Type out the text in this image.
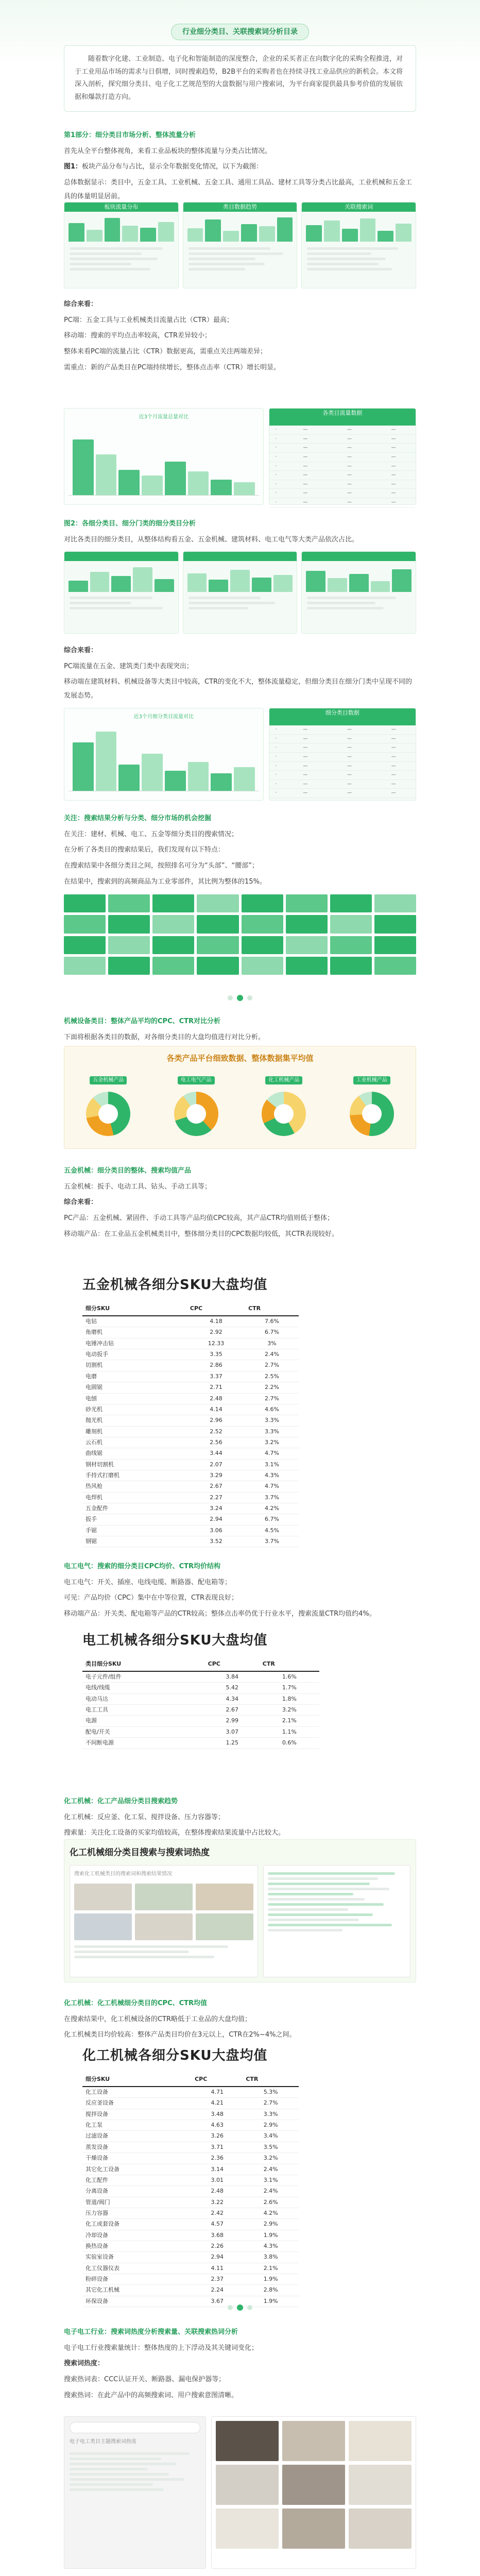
行业细分类目、关联搜索词分析目录
随着数字化建、工业制造、电子化和智能制造的深度整合，企业的采买者正在向数字化的采购全程推进，对于工业用品市场的需求与日俱增，同时搜索趋势，B2B平台的采购者也在持续寻找工业品供应的新机会。本文将深入剖析，探究细分类目、电子化工艺规范型的大盘数据与用户搜索词，为平台商家提供最具参考价值的发展依据和爆款打造方向。

第1部分：细分类目市场分析、整体流量分析

首先从全平台整体视角，来看工业品板块的整体流量与分类占比情况。

图1：板块产品分布与占比，显示全年数据变化情况，以下为截图：

总体数据显示：类目中，五金工具、工业机械、五金工具、通用工具品、建材工具等分类占比最高，工业机械和五金工具的体量明显居前。

板块流量分布	类目数据趋势	关联搜索词

综合来看：

PC端：五金工具与工业机械类目流量占比（CTR）最高；

移动端：搜索的平均点击率较高，CTR差异较小；

整体来看PC端的流量占比（CTR）数据更高，需重点关注两端差异；

需重点：新的产品类目在PC端持续增长，整体点击率（CTR）增长明显。

近3个月流量总量对比
各类目流量数据

·	—	—	—
·	—	—	—
·	—	—	—
·	—	—	—
·	—	—	—
·	—	—	—
·	—	—	—
·	—	—	—
·	—	—	—

图2：各细分类目、细分门类的细分类目分析

对比各类目的细分类目，从整体结构看五金、五金机械、建筑材料、电工电气等大类产品依次占比。

综合来看：

PC端流量在五金、建筑类门类中表现突出；

移动端在建筑材料、机械设备等大类目中较高，CTR的变化不大，整体流量稳定，但细分类目在细分门类中呈现不同的发展态势。

近3个月细分类目流量对比
细分类目数据

·	—	—	—
·	—	—	—
·	—	—	—
·	—	—	—
·	—	—	—
·	—	—	—
·	—	—	—
·	—	—	—

关注：搜索结果分析与分类、细分市场的机会挖掘

在关注：建材、机械、电工、五金等细分类目的搜索情况；

在分析了各类目的搜索结果后，我们发现有以下特点：

在搜索结果中各细分类目之间，按照排名可分为“头部”、“腰部”；

在结果中，搜索到的高频商品为工业零部件，其比例为整体的15%。

机械设备类目：整体产品平均的CPC、CTR对比分析

下面将根据各类目的数据，对各细分类目的大盘均值进行对比分析。

各类产品平台细致数据、整体数据集平均值
五金机械产品	电工电气产品	化工机械产品	工业机械产品

五金机械：细分类目的整体、搜索均值产品

五金机械：扳手、电动工具、钻头、手动工具等；

综合来看：

PC产品：五金机械、紧固件、手动工具等产品均值CPC较高，其产品CTR均值则低于整体；

移动端产品：在工业品五金机械类目中，整体细分类目的CPC数据均较低，其CTR表现较好。

五金机械各细分SKU大盘均值
细分SKU	CPC	CTR
电钻	4.18	7.6%
角磨机	2.92	6.7%
电锤冲击钻	12.33	3%
电动扳手	3.35	2.4%
切割机	2.86	2.7%
电磨	3.37	2.5%
电圆锯	2.71	2.2%
电刨	2.48	2.7%
砂光机	4.14	4.6%
抛光机	2.96	3.3%
雕刻机	2.52	3.3%
云石机	2.56	3.2%
曲线锯	3.44	4.7%
钢材切割机	2.07	3.1%
手持式打磨机	3.29	4.3%
热风枪	2.67	4.7%
电焊机	2.27	3.7%
五金配件	3.24	4.2%
扳手	2.94	6.7%
手锯	3.06	4.5%
钢锯	3.52	3.7%

电工电气：搜索的细分类目CPC均价、CTR均价结构

电工电气：开关、插座、电线电缆、断路器、配电箱等；

可见：产品均价（CPC）集中在中等位置，CTR表现良好；

移动端产品：开关类、配电箱等产品的CTR较高；整体点击率仍优于行业水平，搜索流量CTR均值约4%。

电工机械各细分SKU大盘均值
类目细分SKU	CPC	CTR
电子元件/组件	3.84	1.6%
电线/线缆	5.42	1.7%
电动马达	4.34	1.8%
电工工具	2.67	3.2%
电源	2.99	2.1%
配电/开关	3.07	1.1%
不间断电源	1.25	0.6%

化工机械：化工产品细分类目搜索趋势

化工机械：反应釜、化工泵、搅拌设备、压力容器等；

搜索量：关注化工设备的买家均值较高，在整体搜索结果流量中占比较大。

化工机械细分类目搜索与搜索词热度
搜索化工机械类目的搜索词和搜索结果情况

化工机械：化工机械细分类目的CPC、CTR均值

在搜索结果中，化工机械设备的CTR略低于工业品的大盘均值；

化工机械类目均价较高：整体产品类目均价在3元以上，CTR在2%~4%之间。

化工机械各细分SKU大盘均值
细分SKU	CPC	CTR
化工设备	4.71	5.3%
反应釜设备	4.21	2.7%
搅拌设备	3.48	3.3%
化工泵	4.63	2.9%
过滤设备	3.26	3.4%
蒸发设备	3.71	3.5%
干燥设备	2.36	3.2%
其它化工设备	3.14	2.4%
化工配件	3.01	3.1%
分离设备	2.48	2.4%
管道/阀门	3.22	2.6%
压力容器	2.42	4.2%
化工成套设备	4.57	2.9%
冷却设备	3.68	1.9%
换热设备	2.26	4.3%
实验室设备	2.94	3.8%
化工仪器仪表	4.11	2.1%
粉碎设备	2.37	1.9%
其它化工机械	2.24	2.8%
环保设备	3.67	1.9%

电子电工行业：搜索词热度分析搜索量、关联搜索热词分析

电子电工行业搜索量统计：整体热度的上下浮动及其关键词变化；

搜索词热度：

搜索热词表：CCC认证开关、断路器、漏电保护器等；

搜索热词：在此产品中的高频搜索词、用户搜索意图清晰。

电子电工类目主题搜索词热度
